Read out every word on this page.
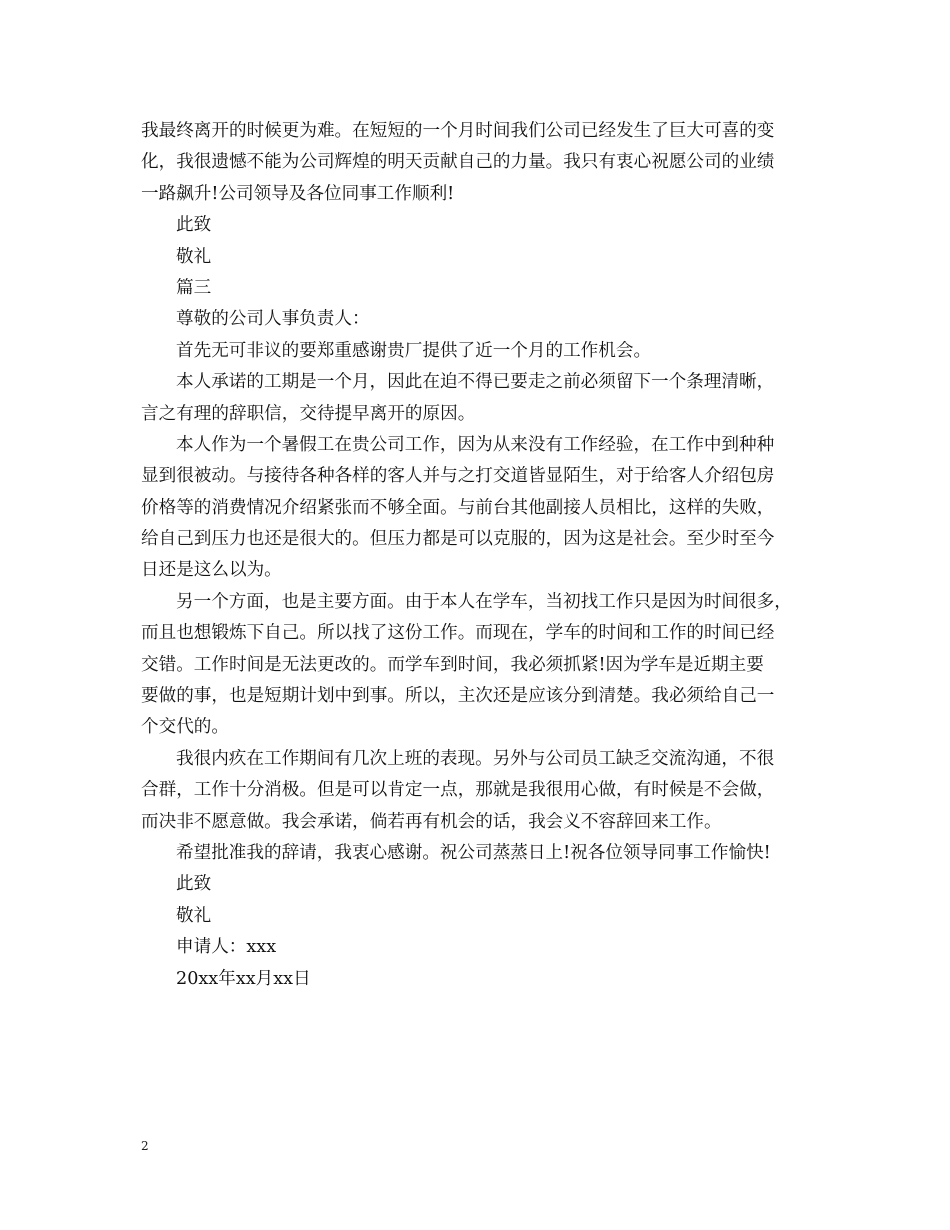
我最终离开的时候更为难。在短短的一个月时间我们公司已经发生了巨大可喜的变
化，我很遗憾不能为公司辉煌的明天贡献自己的力量。我只有衷心祝愿公司的业绩
一路飙升!公司领导及各位同事工作顺利!
此致
敬礼
篇三
尊敬的公司人事负责人：
首先无可非议的要郑重感谢贵厂提供了近一个月的工作机会。
本人承诺的工期是一个月，因此在迫不得已要走之前必须留下一个条理清晰，
言之有理的辞职信，交待提早离开的原因。
本人作为一个暑假工在贵公司工作，因为从来没有工作经验，在工作中到种种
显到很被动。与接待各种各样的客人并与之打交道皆显陌生，对于给客人介绍包房
价格等的消费情况介绍紧张而不够全面。与前台其他副接人员相比，这样的失败，
给自己到压力也还是很大的。但压力都是可以克服的，因为这是社会。至少时至今
日还是这么以为。
另一个方面，也是主要方面。由于本人在学车，当初找工作只是因为时间很多，
而且也想锻炼下自己。所以找了这份工作。而现在，学车的时间和工作的时间已经
交错。工作时间是无法更改的。而学车到时间，我必须抓紧!因为学车是近期主要
要做的事，也是短期计划中到事。所以，主次还是应该分到清楚。我必须给自己一
个交代的。
我很内疚在工作期间有几次上班的表现。另外与公司员工缺乏交流沟通，不很
合群，工作十分消极。但是可以肯定一点，那就是我很用心做，有时候是不会做，
而决非不愿意做。我会承诺，倘若再有机会的话，我会义不容辞回来工作。
希望批准我的辞请，我衷心感谢。祝公司蒸蒸日上!祝各位领导同事工作愉快!
此致
敬礼
申请人：xxx
20xx年xx月xx日
2
